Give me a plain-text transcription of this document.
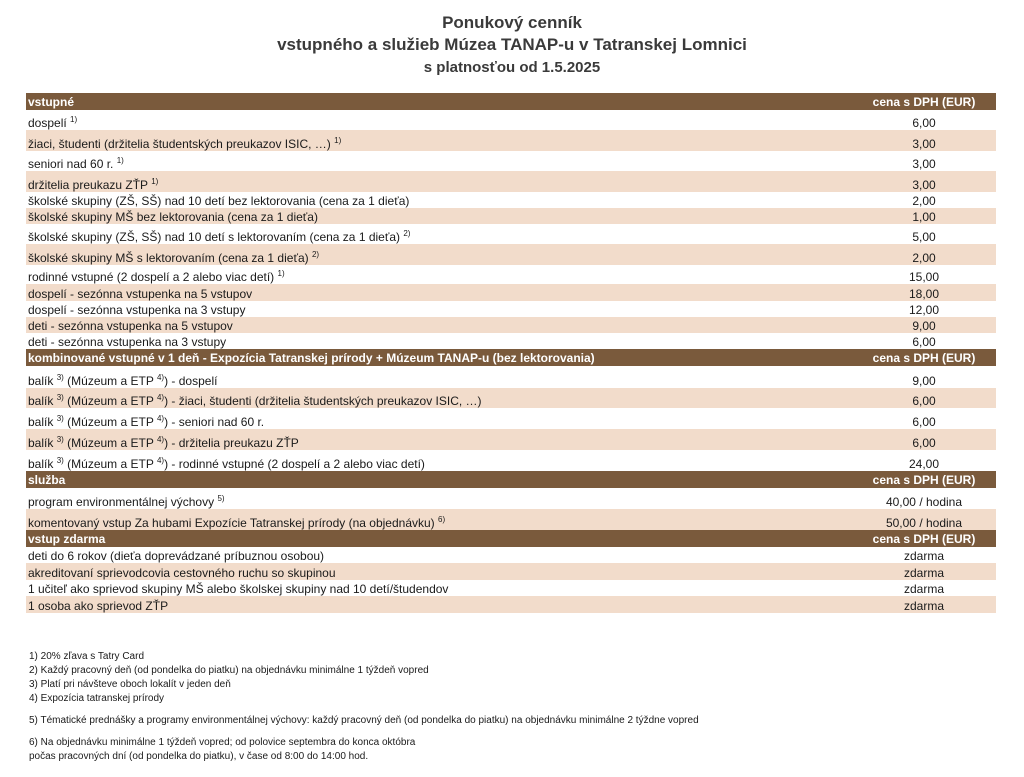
Ponukový cenník
vstupného a služieb Múzea TANAP-u v Tatranskej Lomnici
s platnosťou od 1.5.2025
vstupné	cena s DPH (EUR)
dospelí $^{1)}$	6,00
žiaci, študenti (držitelia študentských preukazov ISIC, …) $^{1)}$	3,00
seniori nad 60 r. $^{1)}$	3,00
držitelia preukazu ZŤP $^{1)}$	3,00
školské skupiny (ZŠ, SŠ) nad 10 detí bez lektorovania (cena za 1 dieťa)	2,00
školské skupiny MŠ bez lektorovania (cena za 1 dieťa)	1,00
školské skupiny (ZŠ, SŠ) nad 10 detí s lektorovaním (cena za 1 dieťa) $^{2)}$	5,00
školské skupiny MŠ s lektorovaním (cena za 1 dieťa) $^{2)}$	2,00
rodinné vstupné (2 dospelí a 2 alebo viac detí) $^{1)}$	15,00
dospelí - sezónna vstupenka na 5 vstupov	18,00
dospelí - sezónna vstupenka na 3 vstupy	12,00
deti - sezónna vstupenka na 5 vstupov	9,00
deti - sezónna vstupenka na 3 vstupy	6,00
kombinované vstupné v 1 deň - Expozícia Tatranskej prírody + Múzeum TANAP-u (bez lektorovania)	cena s DPH (EUR)
balík $^{3)}$ (Múzeum a ETP $^{4)}$) - dospelí	9,00
balík $^{3)}$ (Múzeum a ETP $^{4)}$) - žiaci, študenti (držitelia študentských preukazov ISIC, …)	6,00
balík $^{3)}$ (Múzeum a ETP $^{4)}$) - seniori nad 60 r.	6,00
balík $^{3)}$ (Múzeum a ETP $^{4)}$) - držitelia preukazu ZŤP	6,00
balík $^{3)}$ (Múzeum a ETP $^{4)}$) - rodinné vstupné (2 dospelí a 2 alebo viac detí)	24,00
služba	cena s DPH (EUR)
program environmentálnej výchovy $^{5)}$	40,00 / hodina
komentovaný vstup Za hubami Expozície Tatranskej prírody (na objednávku) $^{6)}$	50,00 / hodina
vstup zdarma	cena s DPH (EUR)
deti do 6 rokov (dieťa doprevádzané príbuznou osobou)	zdarma
akreditovaní sprievodcovia cestovného ruchu so skupinou	zdarma
1 učiteľ ako sprievod skupiny MŠ alebo školskej skupiny nad 10 detí/študendov	zdarma
1 osoba ako sprievod ZŤP	zdarma
1) 20% zľava s Tatry Card
2) Každý pracovný deň (od pondelka do piatku) na objednávku minimálne 1 týždeň vopred
3) Platí pri návšteve oboch lokalít v jeden deň
4) Expozícia tatranskej prírody
5) Tématické prednášky a programy environmentálnej výchovy: každý pracovný deň (od pondelka do piatku) na objednávku minimálne 2 týždne vopred
6) Na objednávku minimálne 1 týždeň vopred; od polovice septembra do konca októbra
počas pracovných dní (od pondelka do piatku), v čase od 8:00 do 14:00 hod.
